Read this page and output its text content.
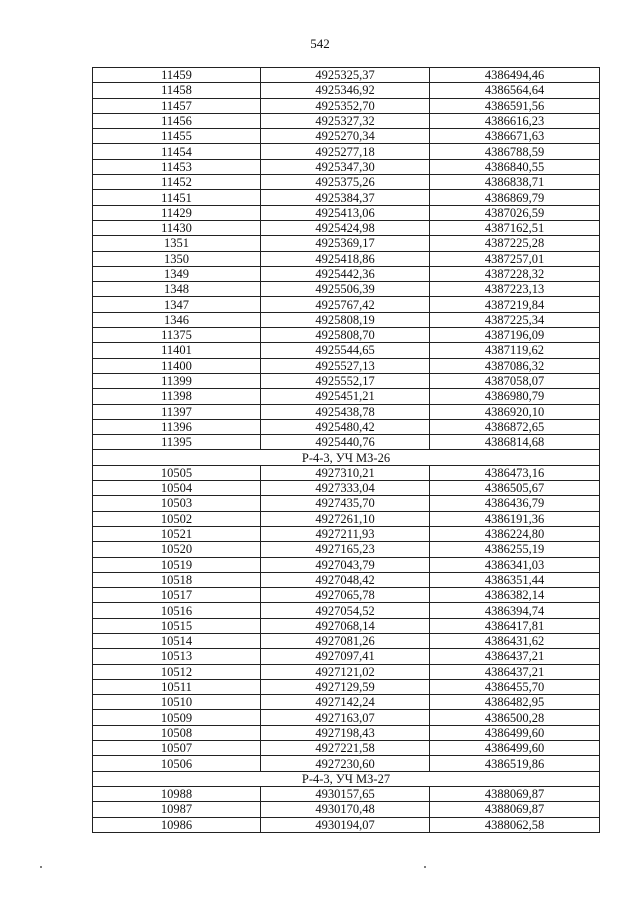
542
11459	4925325,37	4386494,46
11458	4925346,92	4386564,64
11457	4925352,70	4386591,56
11456	4925327,32	4386616,23
11455	4925270,34	4386671,63
11454	4925277,18	4386788,59
11453	4925347,30	4386840,55
11452	4925375,26	4386838,71
11451	4925384,37	4386869,79
11429	4925413,06	4387026,59
11430	4925424,98	4387162,51
1351	4925369,17	4387225,28
1350	4925418,86	4387257,01
1349	4925442,36	4387228,32
1348	4925506,39	4387223,13
1347	4925767,42	4387219,84
1346	4925808,19	4387225,34
11375	4925808,70	4387196,09
11401	4925544,65	4387119,62
11400	4925527,13	4387086,32
11399	4925552,17	4387058,07
11398	4925451,21	4386980,79
11397	4925438,78	4386920,10
11396	4925480,42	4386872,65
11395	4925440,76	4386814,68
Р-4-3, УЧ МЗ-26		
10505	4927310,21	4386473,16
10504	4927333,04	4386505,67
10503	4927435,70	4386436,79
10502	4927261,10	4386191,36
10521	4927211,93	4386224,80
10520	4927165,23	4386255,19
10519	4927043,79	4386341,03
10518	4927048,42	4386351,44
10517	4927065,78	4386382,14
10516	4927054,52	4386394,74
10515	4927068,14	4386417,81
10514	4927081,26	4386431,62
10513	4927097,41	4386437,21
10512	4927121,02	4386437,21
10511	4927129,59	4386455,70
10510	4927142,24	4386482,95
10509	4927163,07	4386500,28
10508	4927198,43	4386499,60
10507	4927221,58	4386499,60
10506	4927230,60	4386519,86
Р-4-3, УЧ МЗ-27		
10988	4930157,65	4388069,87
10987	4930170,48	4388069,87
10986	4930194,07	4388062,58
